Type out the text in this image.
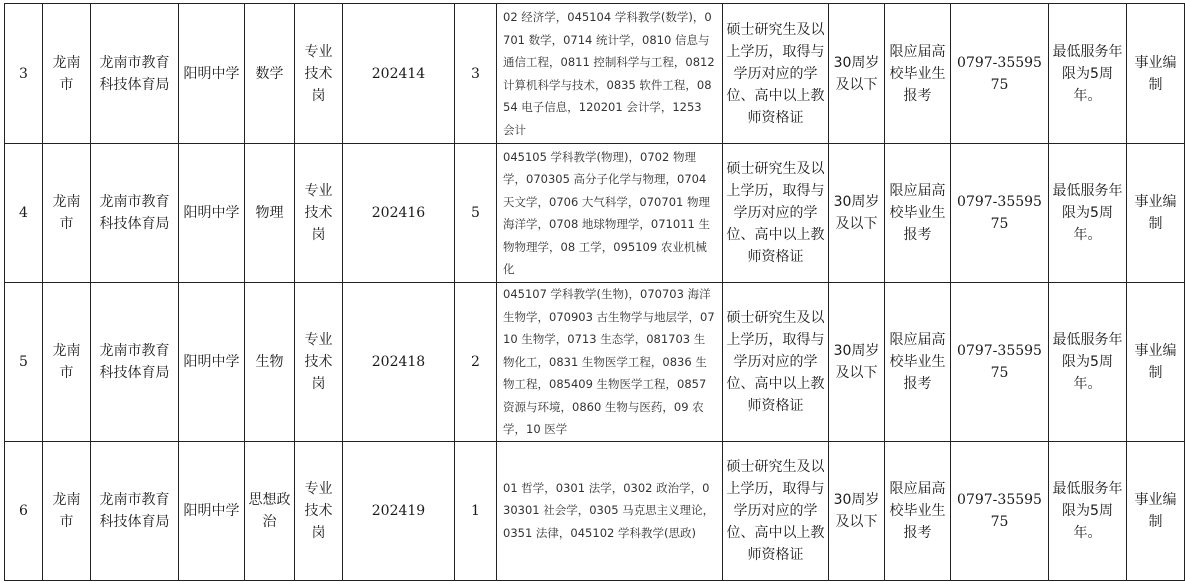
3	龙南市	龙南市教育科技体育局	阳明中学	数学	专业技术岗	202414	3	02 经济学，045104 学科教学(数学)，0701 数学，0714 统计学，0810 信息与通信工程，0811 控制科学与工程，0812 计算机科学与技术，0835 软件工程，0854 电子信息，120201 会计学，1253 会计	硕士研究生及以上学历，取得与学历对应的学位、高中以上教师资格证	30周岁及以下	限应届高校毕业生报考	0797-3559575	最低服务年限为5周年。	事业编制
4	龙南市	龙南市教育科技体育局	阳明中学	物理	专业技术岗	202416	5	045105 学科教学(物理)，0702 物理学，070305 高分子化学与物理，0704 天文学，0706 大气科学，070701 物理海洋学，0708 地球物理学，071011 生物物理学，08 工学，095109 农业机械化	硕士研究生及以上学历，取得与学历对应的学位、高中以上教师资格证	30周岁及以下	限应届高校毕业生报考	0797-3559575	最低服务年限为5周年。	事业编制
5	龙南市	龙南市教育科技体育局	阳明中学	生物	专业技术岗	202418	2	045107 学科教学(生物)，070703 海洋生物学，070903 古生物学与地层学，0710 生物学，0713 生态学，081703 生物化工，0831 生物医学工程，0836 生物工程，085409 生物医学工程，0857 资源与环境，0860 生物与医药，09 农学，10 医学	硕士研究生及以上学历，取得与学历对应的学位、高中以上教师资格证	30周岁及以下	限应届高校毕业生报考	0797-3559575	最低服务年限为5周年。	事业编制
6	龙南市	龙南市教育科技体育局	阳明中学	思想政治	专业技术岗	202419	1	01 哲学，0301 法学，0302 政治学，030301 社会学，0305 马克思主义理论，0351 法律，045102 学科教学(思政)	硕士研究生及以上学历，取得与学历对应的学位、高中以上教师资格证	30周岁及以下	限应届高校毕业生报考	0797-3559575	最低服务年限为5周年。	事业编制
